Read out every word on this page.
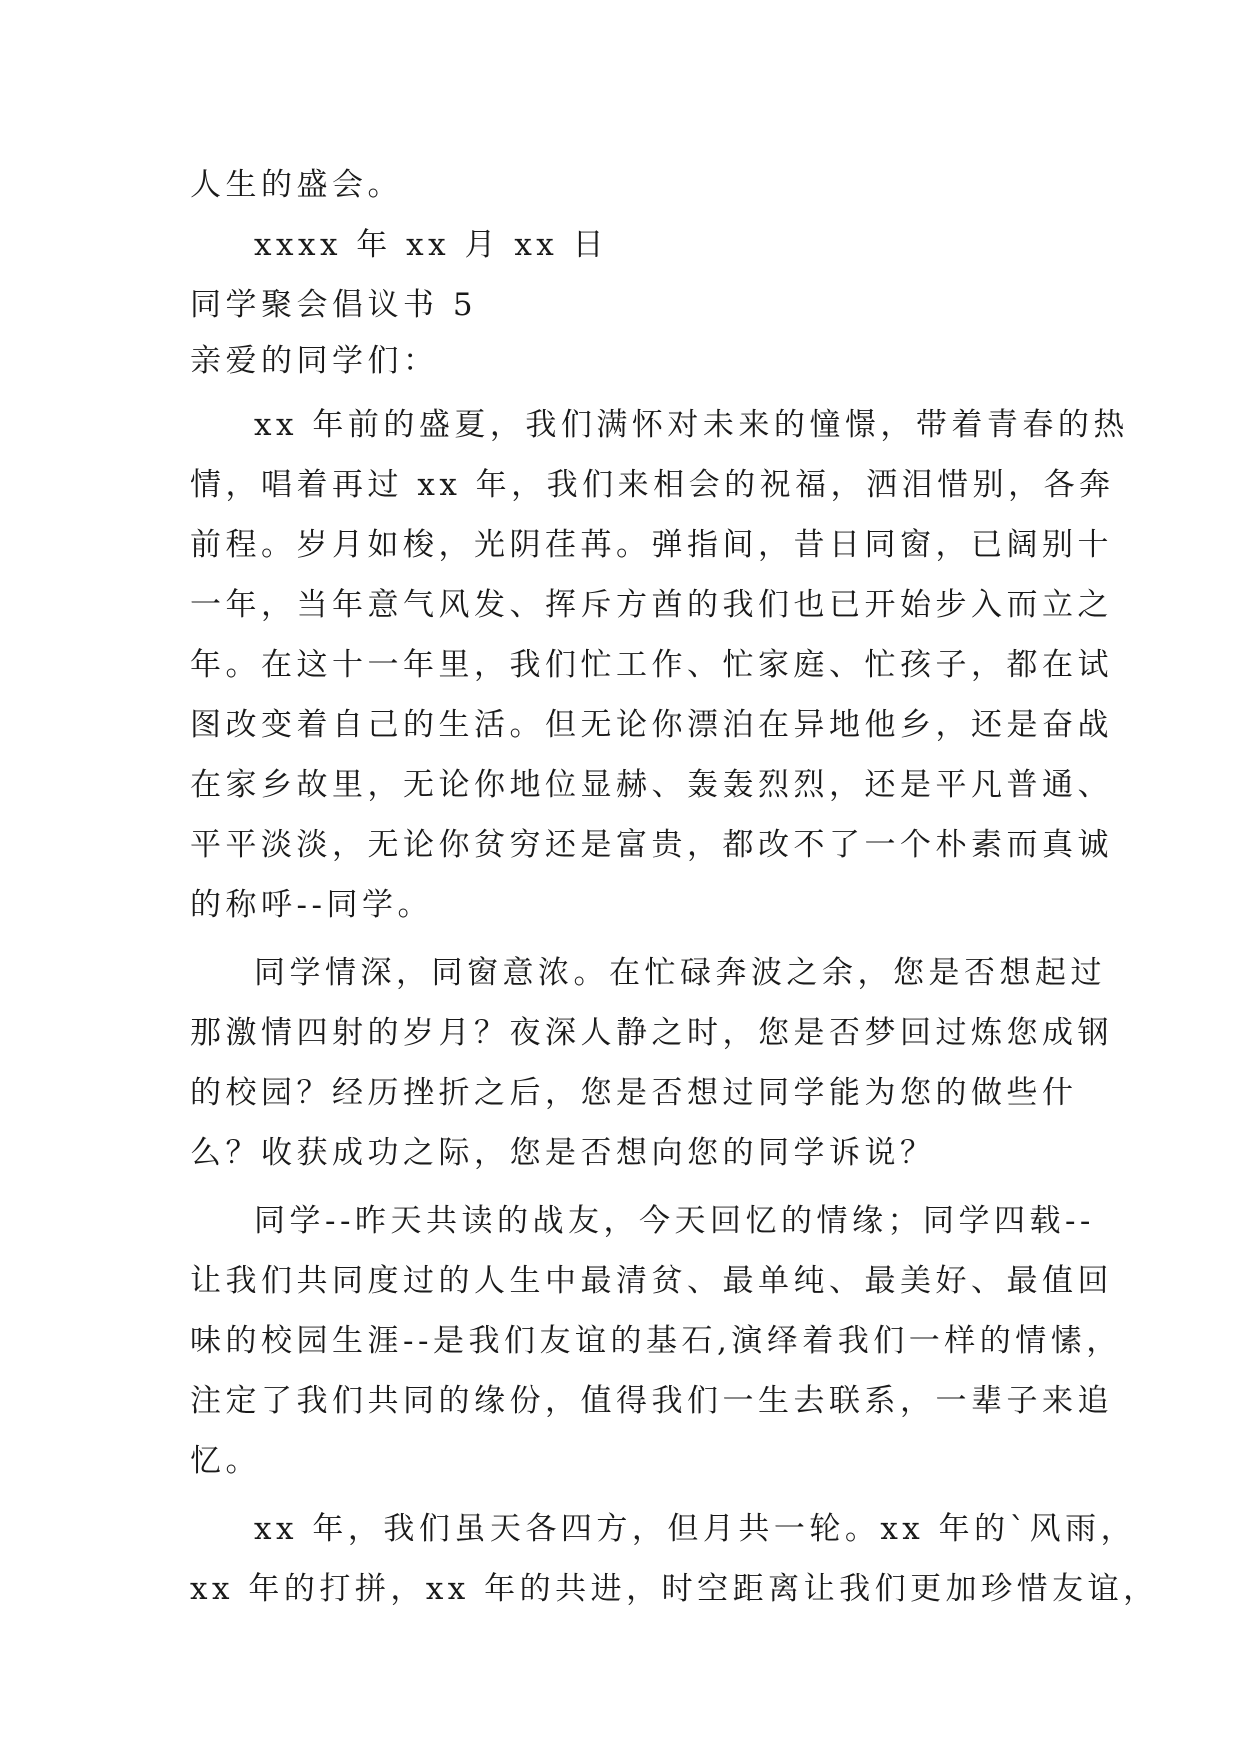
人生的盛会。
xxxx 年 xx 月 xx 日
同学聚会倡议书 5
亲爱的同学们：
xx 年前的盛夏，我们满怀对未来的憧憬，带着青春的热
情，唱着再过 xx 年，我们来相会的祝福，洒泪惜别，各奔
前程。岁月如梭，光阴荏苒。弹指间，昔日同窗，已阔别十
一年，当年意气风发、挥斥方酋的我们也已开始步入而立之
年。在这十一年里，我们忙工作、忙家庭、忙孩子，都在试
图改变着自己的生活。但无论你漂泊在异地他乡，还是奋战
在家乡故里，无论你地位显赫、轰轰烈烈，还是平凡普通、
平平淡淡，无论你贫穷还是富贵，都改不了一个朴素而真诚
的称呼--同学。
同学情深，同窗意浓。在忙碌奔波之余，您是否想起过
那激情四射的岁月？夜深人静之时，您是否梦回过炼您成钢
的校园？经历挫折之后，您是否想过同学能为您的做些什
么？收获成功之际，您是否想向您的同学诉说？
同学--昨天共读的战友，今天回忆的情缘；同学四载--
让我们共同度过的人生中最清贫、最单纯、最美好、最值回
味的校园生涯--是我们友谊的基石,演绎着我们一样的情愫，
注定了我们共同的缘份，值得我们一生去联系，一辈子来追
忆。
xx 年，我们虽天各四方，但月共一轮。xx 年的`风雨，
xx 年的打拼，xx 年的共进，时空距离让我们更加珍惜友谊，
